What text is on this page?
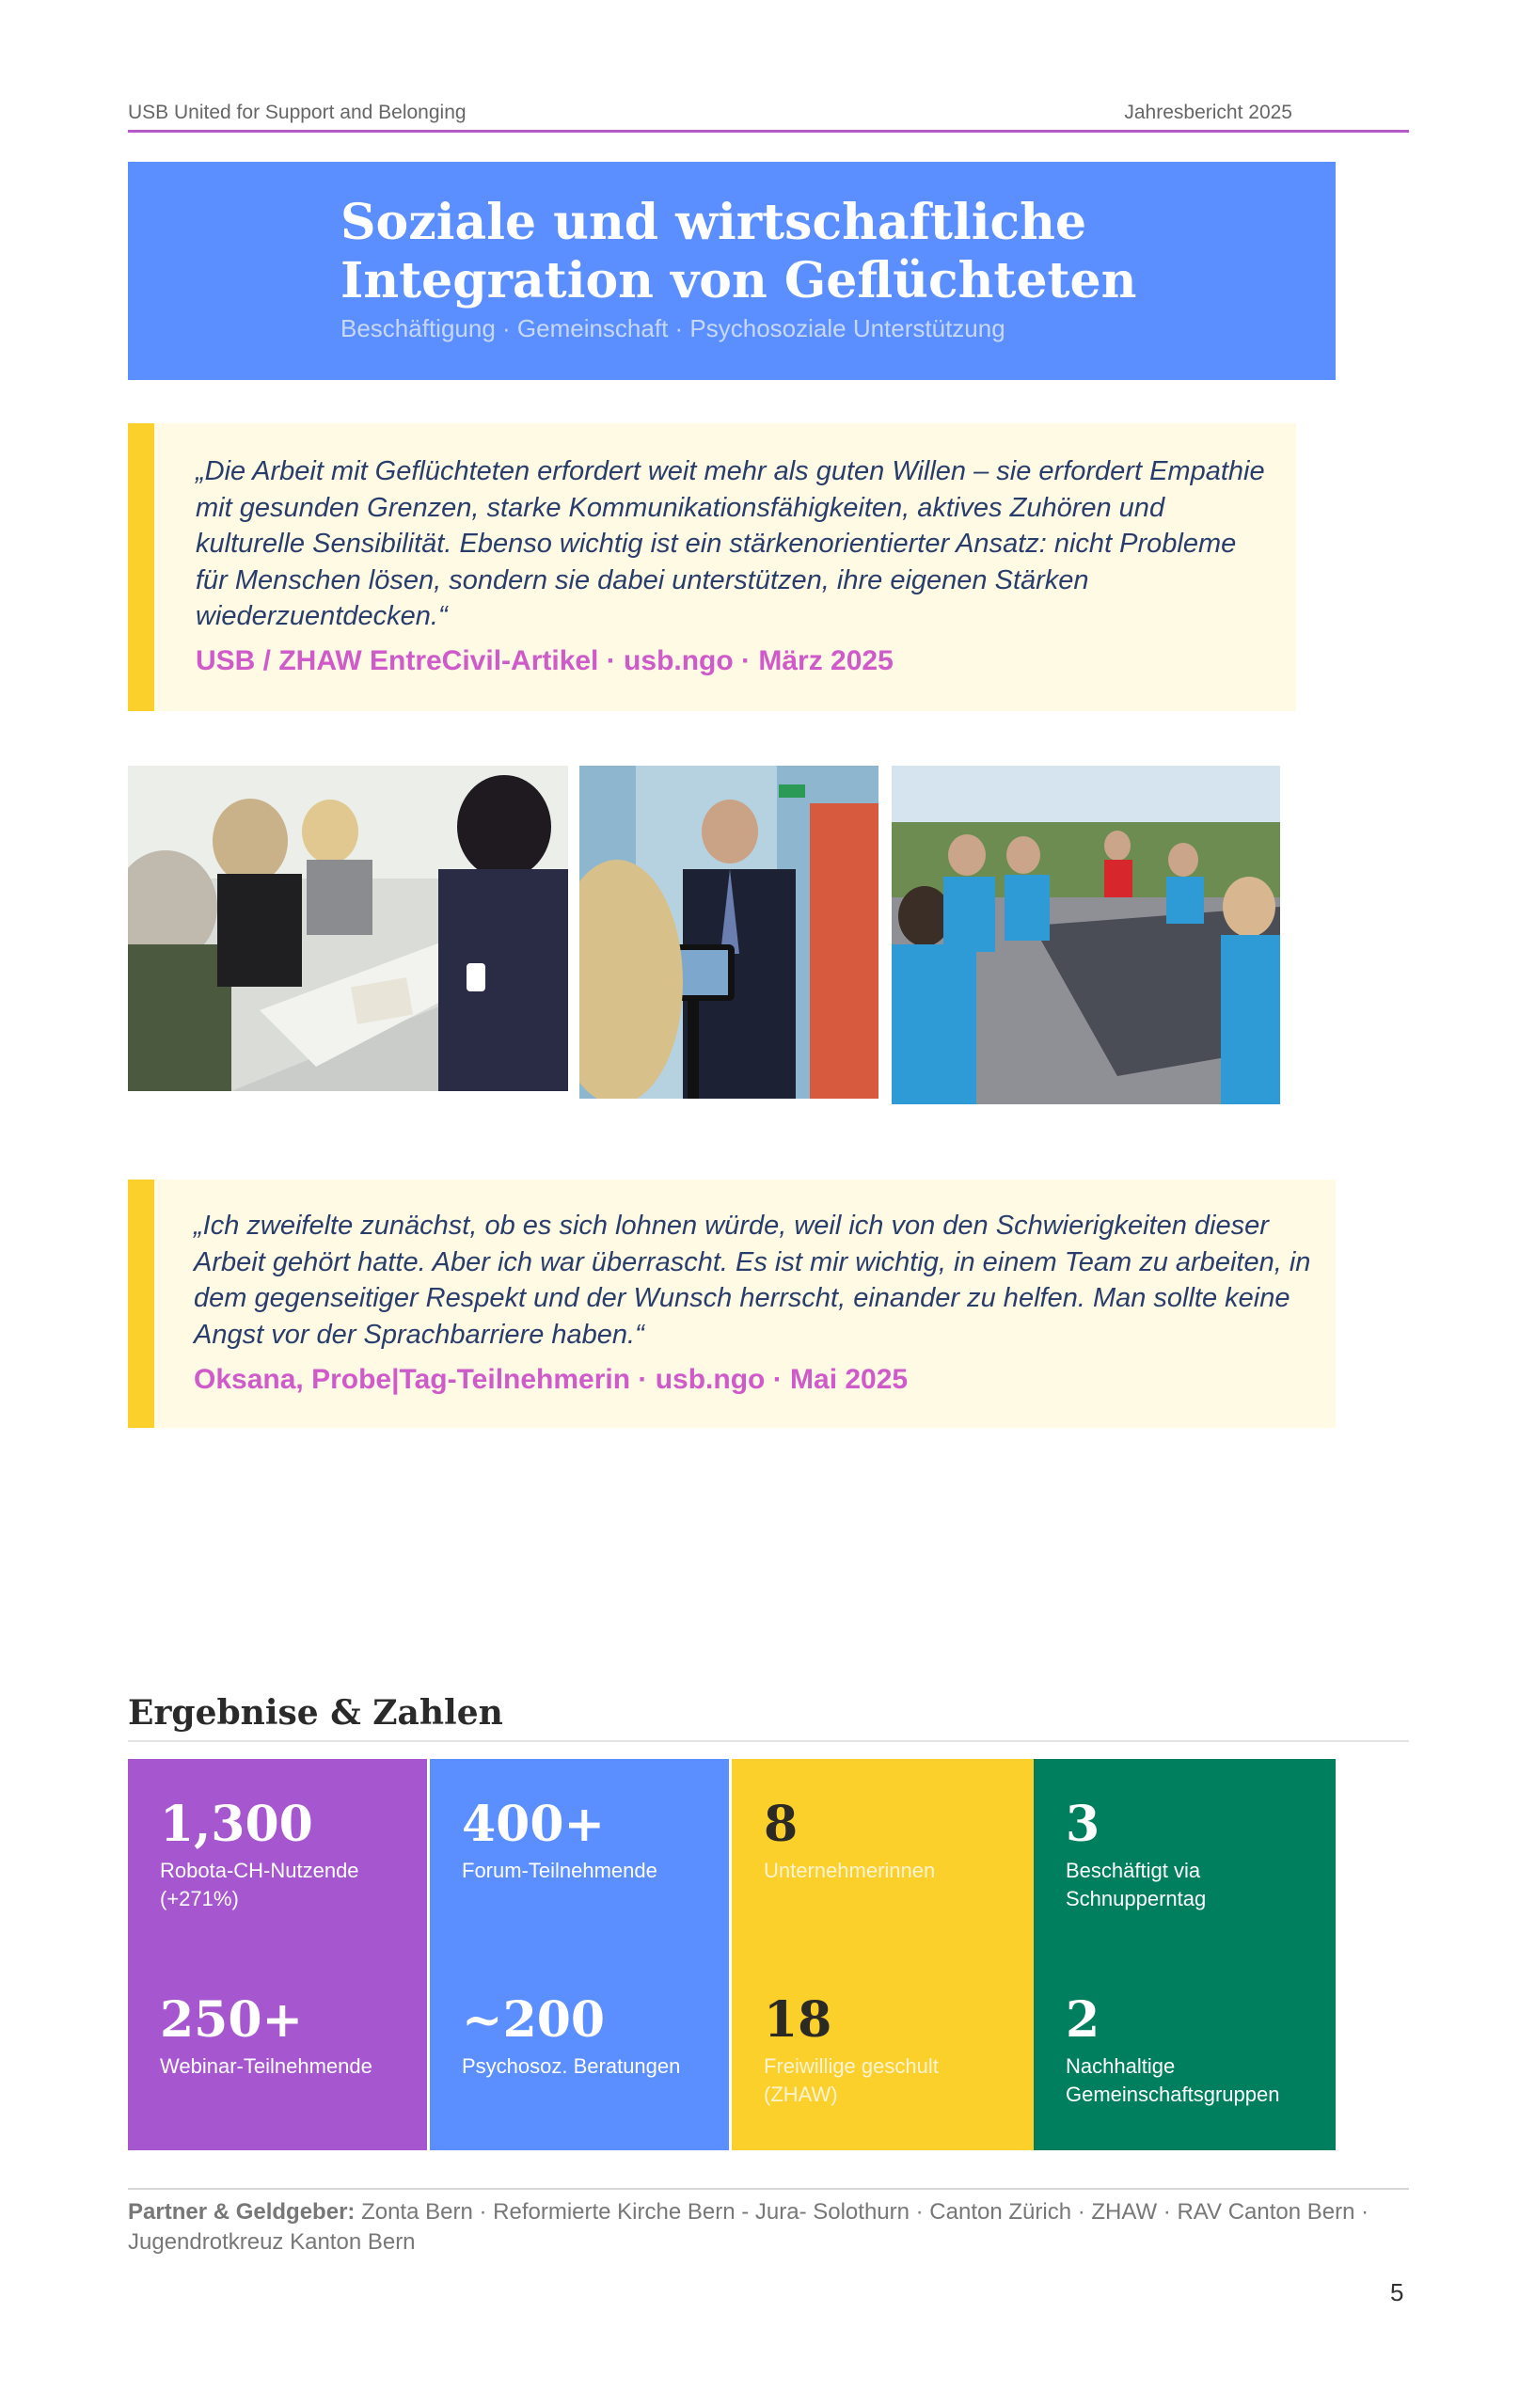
USB United for Support and Belonging	Jahresbericht 2025
Soziale und wirtschaftliche Integration von Geflüchteten
Beschäftigung · Gemeinschaft · Psychosoziale Unterstützung
„Die Arbeit mit Geflüchteten erfordert weit mehr als guten Willen – sie erfordert Empathie mit gesunden Grenzen, starke Kommunikationsfähigkeiten, aktives Zuhören und kulturelle Sensibilität. Ebenso wichtig ist ein stärkenorientierter Ansatz: nicht Probleme für Menschen lösen, sondern sie dabei unterstützen, ihre eigenen Stärken wiederzuentdecken.“
USB / ZHAW EntreCivil-Artikel · usb.ngo · März 2025
„Ich zweifelte zunächst, ob es sich lohnen würde, weil ich von den Schwierigkeiten dieser Arbeit gehört hatte. Aber ich war überrascht. Es ist mir wichtig, in einem Team zu arbeiten, in dem gegenseitiger Respekt und der Wunsch herrscht, einander zu helfen. Man sollte keine Angst vor der Sprachbarriere haben.“
Oksana, Probe|Tag-Teilnehmerin · usb.ngo · Mai 2025
Ergebnise & Zahlen
1,300
Robota-CH-Nutzende (+271%)
400+
Forum-Teilnehmende
8
Unternehmerinnen
3
Beschäftigt via Schnupperntag
250+
Webinar-Teilnehmende
~200
Psychosoz. Beratungen
18
Freiwillige geschult (ZHAW)
2
Nachhaltige Gemeinschaftsgruppen
Partner & Geldgeber: Zonta Bern · Reformierte Kirche Bern - Jura- Solothurn · Canton Zürich · ZHAW · RAV Canton Bern · Jugendrotkreuz Kanton Bern
5
